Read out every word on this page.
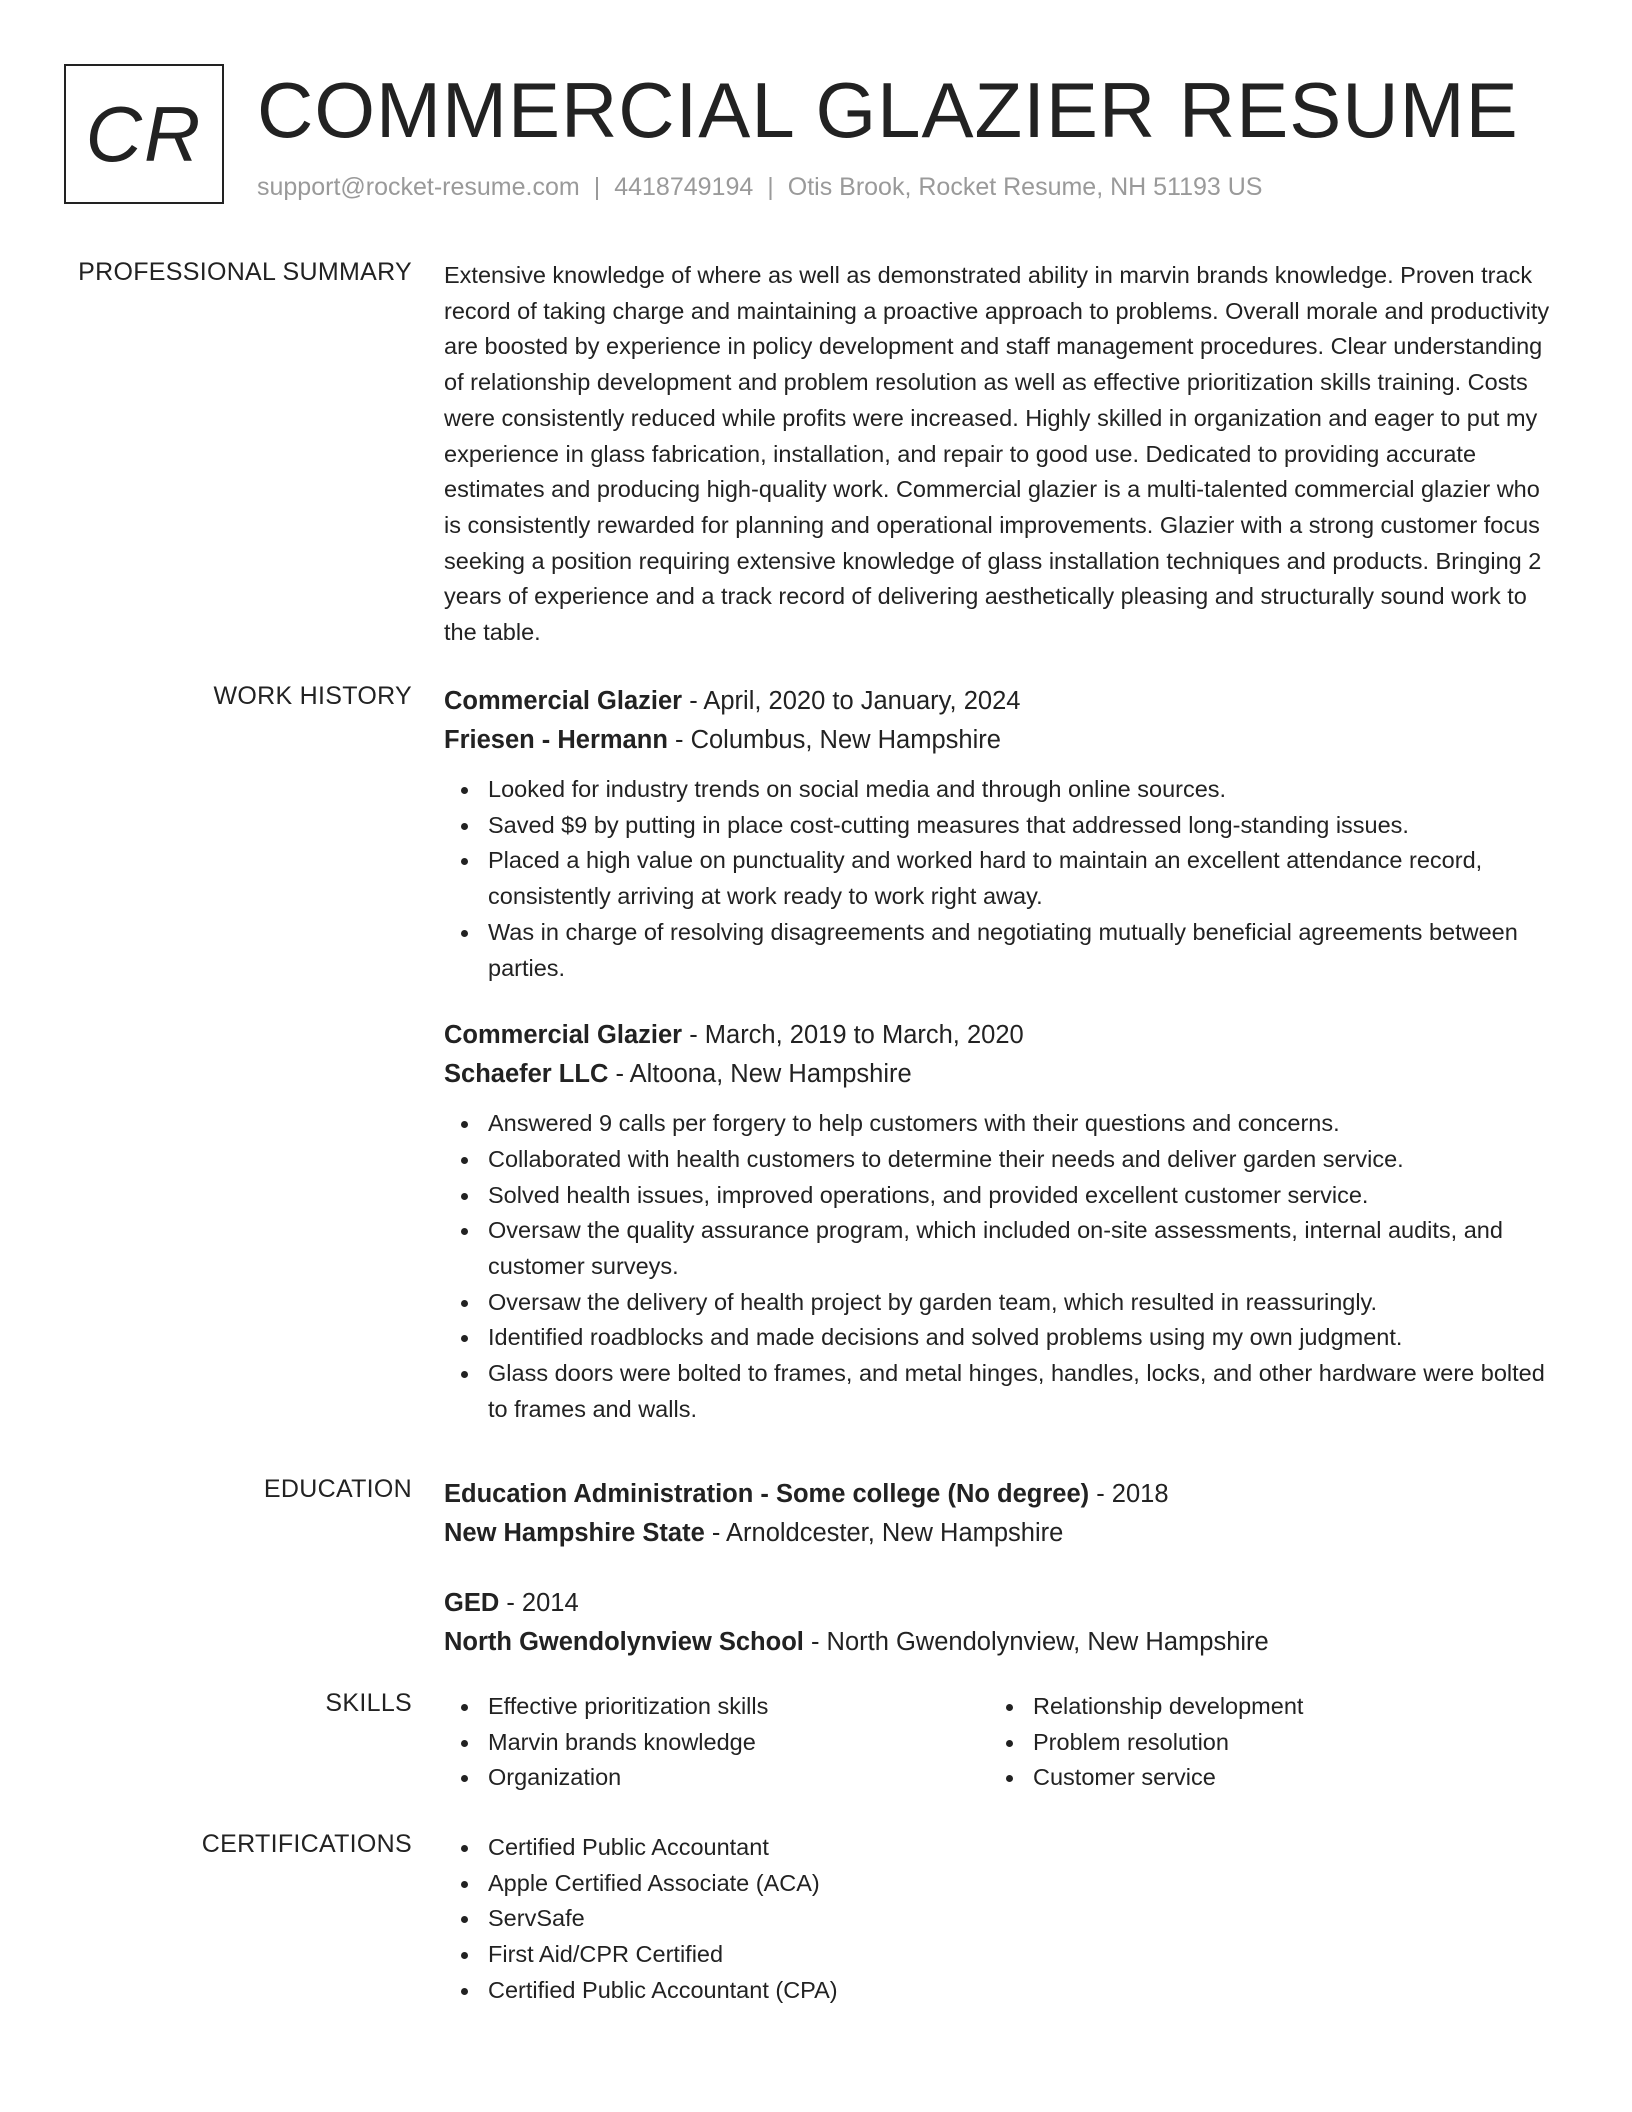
CR COMMERCIAL GLAZIER RESUME
support@rocket-resume.com | 4418749194 | Otis Brook, Rocket Resume, NH 51193 US
PROFESSIONAL SUMMARY Extensive knowledge of where as well as demonstrated ability in marvin brands knowledge. Proven track record of taking charge and maintaining a proactive approach to problems. Overall morale and productivity are boosted by experience in policy development and staff management procedures. Clear understanding of relationship development and problem resolution as well as effective prioritization skills training. Costs were consistently reduced while profits were increased. Highly skilled in organization and eager to put my experience in glass fabrication, installation, and repair to good use. Dedicated to providing accurate estimates and producing high-quality work. Commercial glazier is a multi-talented commercial glazier who is consistently rewarded for planning and operational improvements. Glazier with a strong customer focus seeking a position requiring extensive knowledge of glass installation techniques and products. Bringing 2 years of experience and a track record of delivering aesthetically pleasing and structurally sound work to the table.

WORK HISTORY Commercial Glazier - April, 2020 to January, 2024
Friesen - Hermann - Columbus, New Hampshire
Looked for industry trends on social media and through online sources.
Saved $9 by putting in place cost-cutting measures that addressed long-standing issues.
Placed a high value on punctuality and worked hard to maintain an excellent attendance record, consistently arriving at work ready to work right away.
Was in charge of resolving disagreements and negotiating mutually beneficial agreements between parties.
Commercial Glazier - March, 2019 to March, 2020
Schaefer LLC - Altoona, New Hampshire
Answered 9 calls per forgery to help customers with their questions and concerns.
Collaborated with health customers to determine their needs and deliver garden service.
Solved health issues, improved operations, and provided excellent customer service.
Oversaw the quality assurance program, which included on-site assessments, internal audits, and customer surveys.
Oversaw the delivery of health project by garden team, which resulted in reassuringly.
Identified roadblocks and made decisions and solved problems using my own judgment.
Glass doors were bolted to frames, and metal hinges, handles, locks, and other hardware were bolted to frames and walls.
EDUCATION Education Administration - Some college (No degree) - 2018
New Hampshire State - Arnoldcester, New Hampshire
GED - 2014
North Gwendolynview School - North Gwendolynview, New Hampshire
SKILLS	Effective prioritization skills
Marvin brands knowledge
Organization
Relationship development
Problem resolution
Customer service
CERTIFICATIONS	Certified Public Accountant
Apple Certified Associate (ACA)
ServSafe
First Aid/CPR Certified
Certified Public Accountant (CPA)
